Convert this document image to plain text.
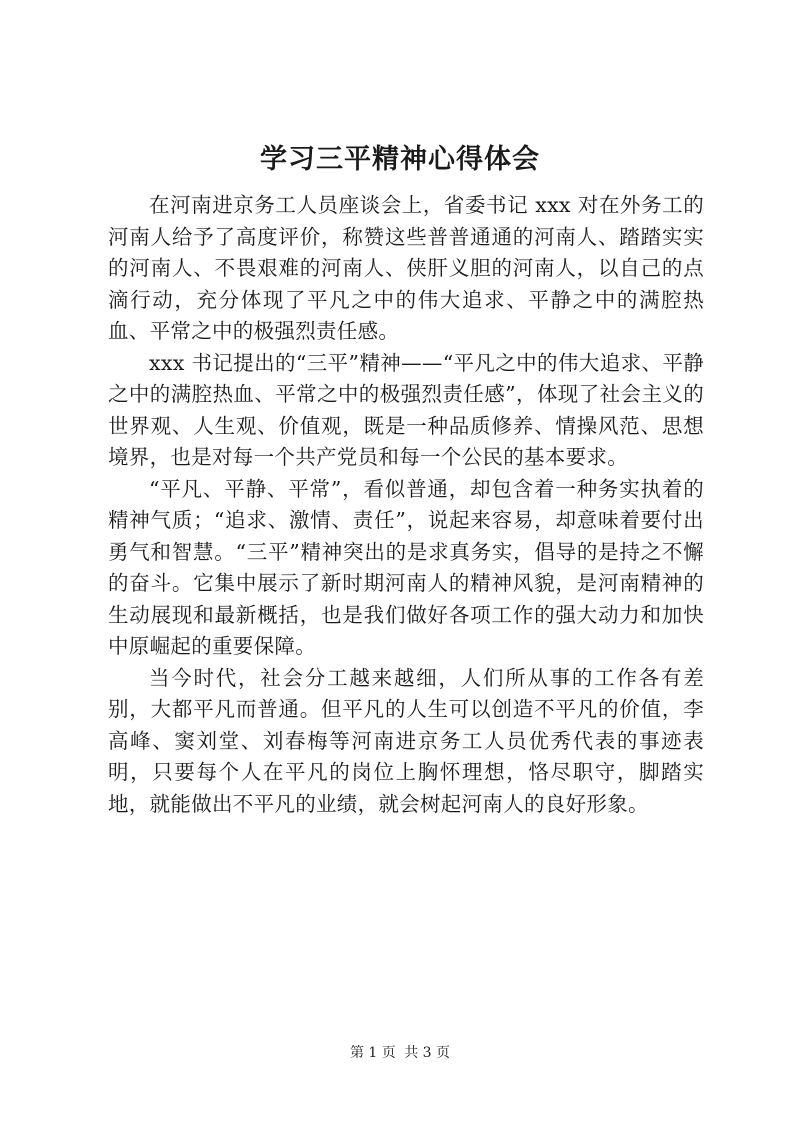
学习三平精神心得体会

在河南进京务工人员座谈会上，省委书记 xxx 对在外务工的河南人给予了高度评价，称赞这些普普通通的河南人、踏踏实实的河南人、不畏艰难的河南人、侠肝义胆的河南人，以自己的点滴行动，充分体现了平凡之中的伟大追求、平静之中的满腔热血、平常之中的极强烈责任感。

xxx 书记提出的“三平”精神——“平凡之中的伟大追求、平静之中的满腔热血、平常之中的极强烈责任感”，体现了社会主义的世界观、人生观、价值观，既是一种品质修养、情操风范、思想境界，也是对每一个共产党员和每一个公民的基本要求。

“平凡、平静、平常”，看似普通，却包含着一种务实执着的精神气质；“追求、激情、责任”，说起来容易，却意味着要付出勇气和智慧。“三平”精神突出的是求真务实，倡导的是持之不懈的奋斗。它集中展示了新时期河南人的精神风貌，是河南精神的生动展现和最新概括，也是我们做好各项工作的强大动力和加快中原崛起的重要保障。

当今时代，社会分工越来越细，人们所从事的工作各有差别，大都平凡而普通。但平凡的人生可以创造不平凡的价值，李高峰、窦刘堂、刘春梅等河南进京务工人员优秀代表的事迹表明，只要每个人在平凡的岗位上胸怀理想，恪尽职守，脚踏实地，就能做出不平凡的业绩，就会树起河南人的良好形象。

第 1 页 共 3 页
